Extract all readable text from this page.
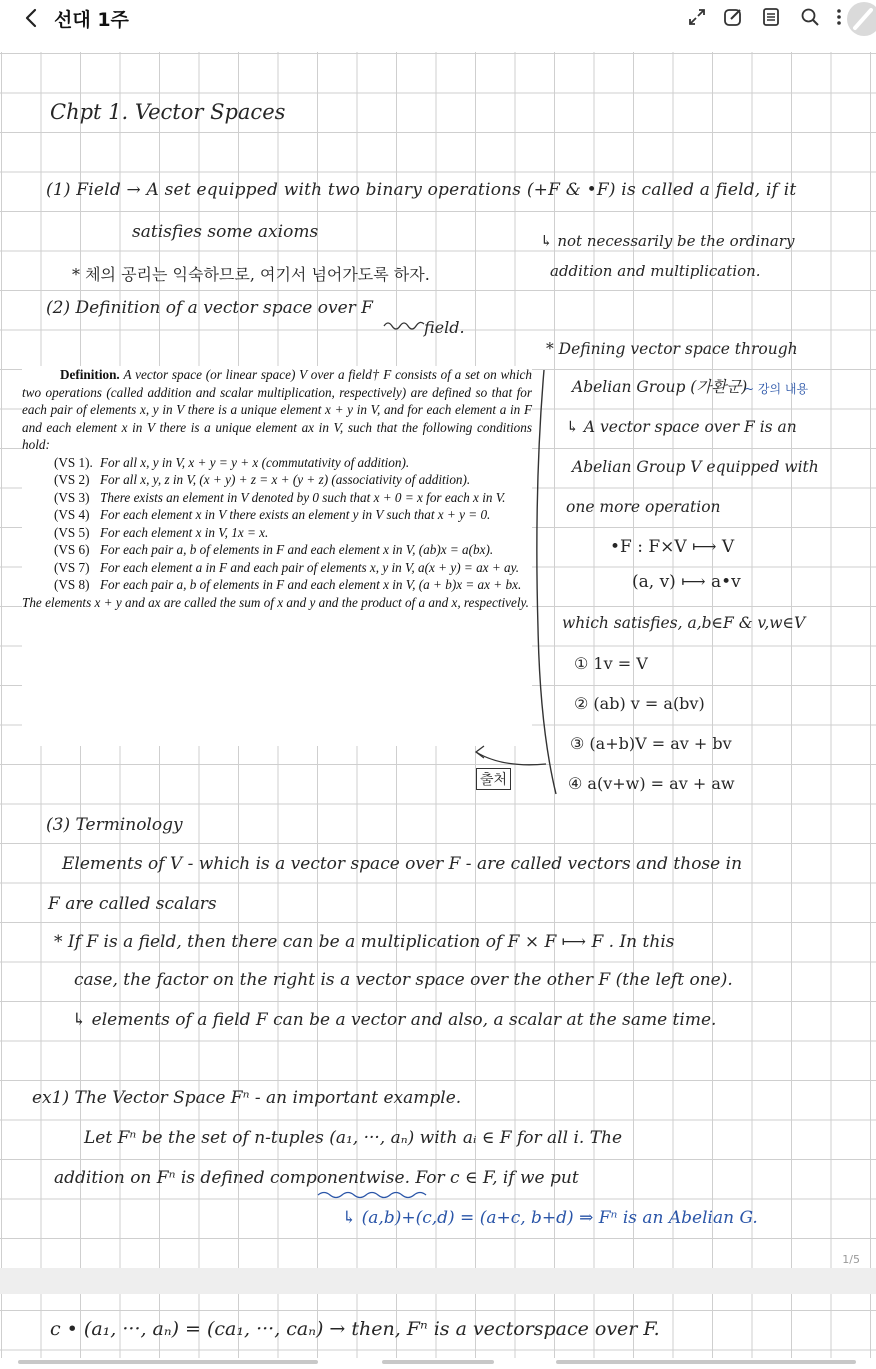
선대 1주
Chpt 1. Vector Spaces
(1) Field → A set equipped with two binary operations (+F & •F) is called a field, if it
satisfies some axioms	↳ not necessarily be the ordinary
addition and multiplication.
* 체의 공리는 익숙하므로, 여기서 넘어가도록 하자.
(2) Definition of a vector space over F
field.

Definition. A vector space (or linear space) V over a field† F consists of a set on which two operations (called addition and scalar multiplication, respectively) are defined so that for each pair of elements x, y in V there is a unique element x + y in V, and for each element a in F and each element x in V there is a unique element ax in V, such that the following conditions hold:

(VS 1). For all x, y in V, x + y = y + x (commutativity of addition).
(VS 2) For all x, y, z in V, (x + y) + z = x + (y + z) (associativity of addition).
(VS 3) There exists an element in V denoted by 0 such that x + 0 = x for each x in V.
(VS 4) For each element x in V there exists an element y in V such that x + y = 0.
(VS 5) For each element x in V, 1x = x.
(VS 6) For each pair a, b of elements in F and each element x in V, (ab)x = a(bx).
(VS 7) For each element a in F and each pair of elements x, y in V, a(x + y) = ax + ay.
(VS 8) For each pair a, b of elements in F and each element x in V, (a + b)x = ax + bx.

The elements x + y and ax are called the sum of x and y and the product of a and x, respectively.

* Defining vector space through
Abelian Group (가환군)
~ 강의 내용
↳ A vector space over F is an
Abelian Group V equipped with
one more operation
•F : F×V ⟼ V
(a, v) ⟼ a•v
which satisfies, a,b∈F & v,w∈V
① 1v = V
② (ab) v = a(bv)
③ (a+b)V = av + bv
④ a(v+w) = av + aw
출처
(3) Terminology
Elements of V - which is a vector space over F - are called vectors and those in
F are called scalars
* If F is a field, then there can be a multiplication of F × F ⟼ F . In this
case, the factor on the right is a vector space over the other F (the left one).
↳ elements of a field F can be a vector and also, a scalar at the same time.
ex1) The Vector Space Fⁿ - an important example.
Let Fⁿ be the set of n-tuples (a₁, ···, aₙ) with aᵢ ∈ F for all i. The
addition on Fⁿ is defined componentwise. For c ∈ F, if we put
↳ (a,b)+(c,d) = (a+c, b+d) ⇒ Fⁿ is an Abelian G.
1/5
c • (a₁, ···, aₙ) = (ca₁, ···, caₙ) → then, Fⁿ is a vectorspace over F.
